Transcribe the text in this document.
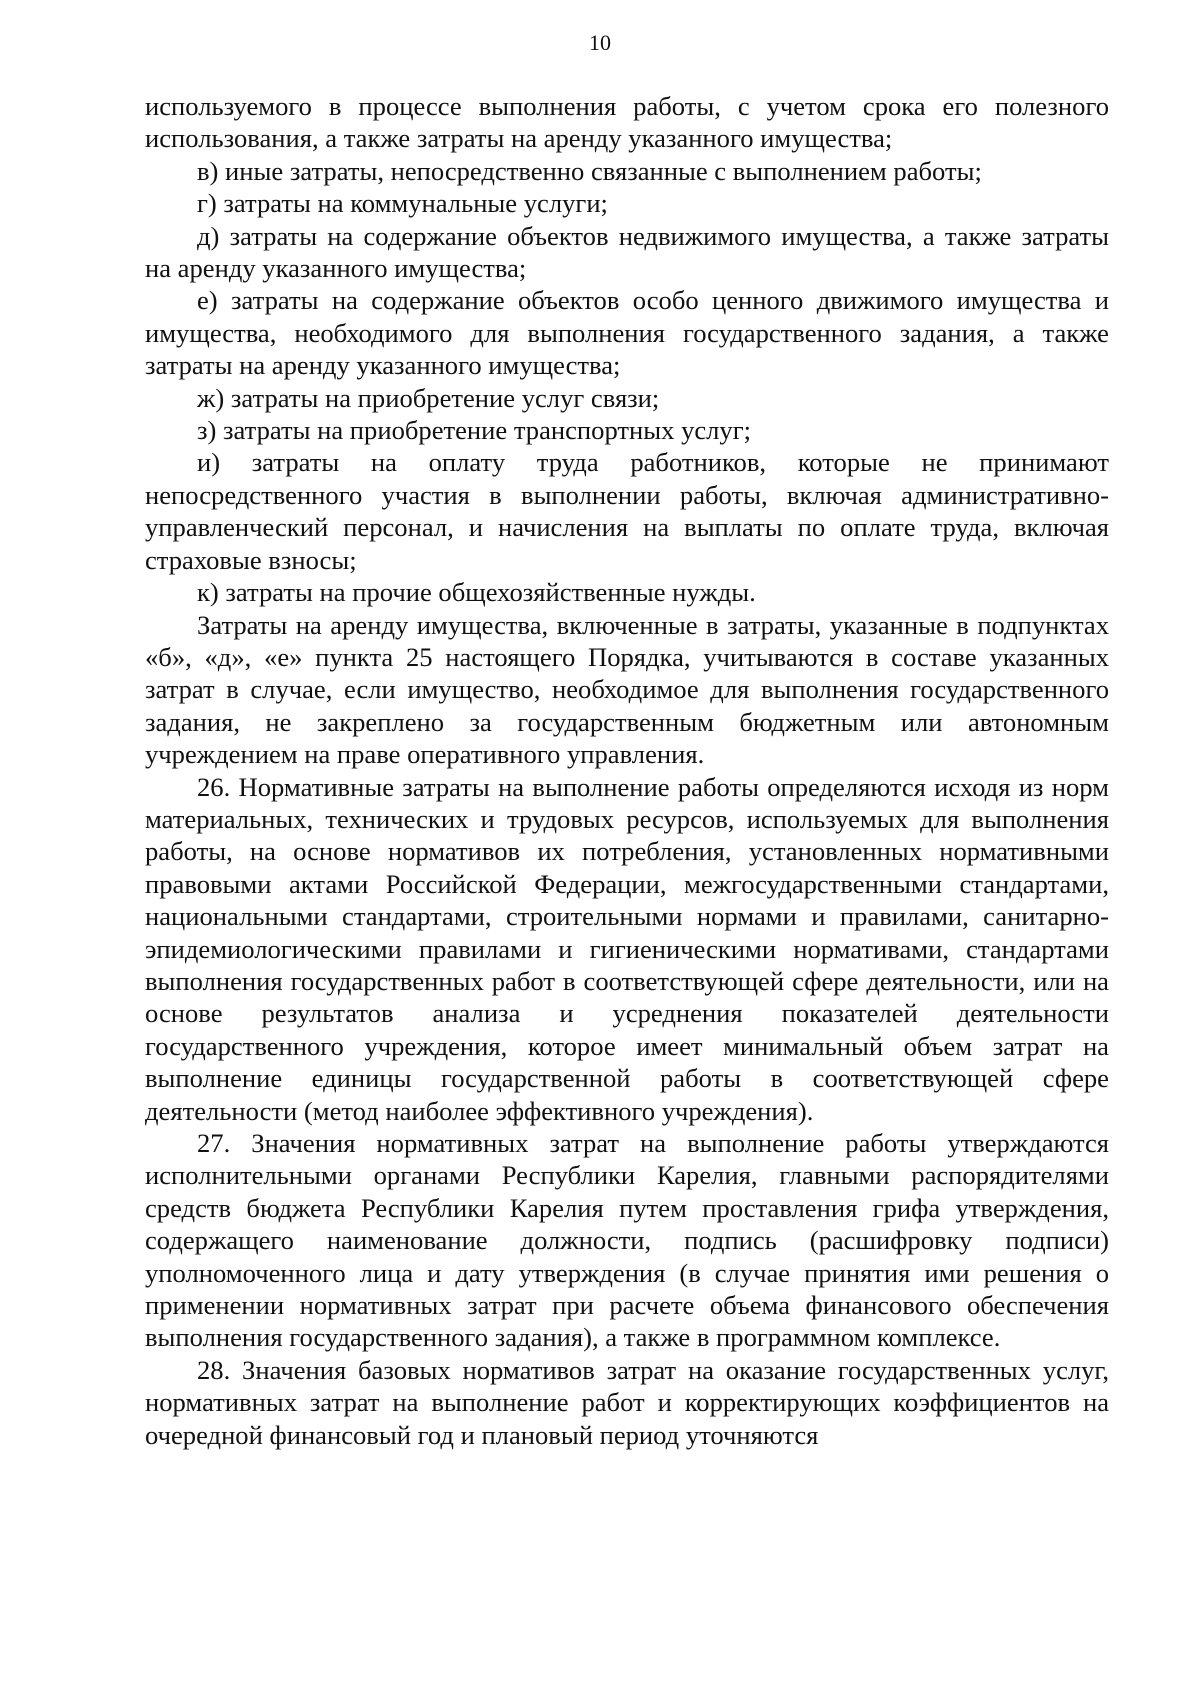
10

используемого в процессе выполнения работы, с учетом срока его полезного использования, а также затраты на аренду указанного имущества;

в) иные затраты, непосредственно связанные с выполнением работы;

г) затраты на коммунальные услуги;

д) затраты на содержание объектов недвижимого имущества, а также затраты на аренду указанного имущества;

е) затраты на содержание объектов особо ценного движимого имущества и имущества, необходимого для выполнения государственного задания, а также затраты на аренду указанного имущества;

ж) затраты на приобретение услуг связи;

з) затраты на приобретение транспортных услуг;

и) затраты на оплату труда работников, которые не принимают непосредственного участия в выполнении работы, включая административно-управленческий персонал, и начисления на выплаты по оплате труда, включая страховые взносы;

к) затраты на прочие общехозяйственные нужды.

Затраты на аренду имущества, включенные в затраты, указанные в подпунктах «б», «д», «е» пункта 25 настоящего Порядка, учитываются в составе указанных затрат в случае, если имущество, необходимое для выполнения государственного задания, не закреплено за государственным бюджетным или автономным учреждением на праве оперативного управления.

26. Нормативные затраты на выполнение работы определяются исходя из норм материальных, технических и трудовых ресурсов, используемых для выполнения работы, на основе нормативов их потребления, установленных нормативными правовыми актами Российской Федерации, межгосударственными стандартами, национальными стандартами, строительными нормами и правилами, санитарно-эпидемиологическими правилами и гигиеническими нормативами, стандартами выполнения государственных работ в соответствующей сфере деятельности, или на основе результатов анализа и усреднения показателей деятельности государственного учреждения, которое имеет минимальный объем затрат на выполнение единицы государственной работы в соответствующей сфере деятельности (метод наиболее эффективного учреждения).

27. Значения нормативных затрат на выполнение работы утверждаются исполнительными органами Республики Карелия, главными распорядителями средств бюджета Республики Карелия путем проставления грифа утверждения, содержащего наименование должности, подпись (расшифровку подписи) уполномоченного лица и дату утверждения (в случае принятия ими решения о применении нормативных затрат при расчете объема финансового обеспечения выполнения государственного задания), а также в программном комплексе.

28. Значения базовых нормативов затрат на оказание государственных услуг, нормативных затрат на выполнение работ и корректирующих коэффициентов на очередной финансовый год и плановый период уточняются
